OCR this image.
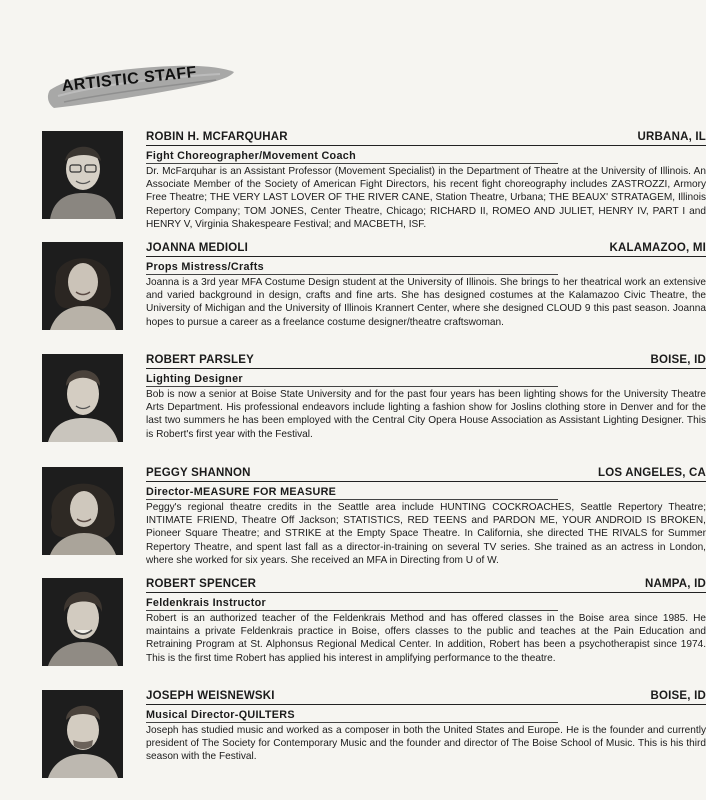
ARTISTIC STAFF
ROBIN H. MCFARQUHAR	URBANA, IL
Fight Choreographer/Movement Coach
Dr. McFarquhar is an Assistant Professor (Movement Specialist) in the Department of Theatre at the University of Illinois. An Associate Member of the Society of American Fight Directors, his recent fight choreography includes ZASTROZZI, Armory Free Theatre; THE VERY LAST LOVER OF THE RIVER CANE, Station Theatre, Urbana; THE BEAUX' STRATAGEM, Illinois Repertory Company; TOM JONES, Center Theatre, Chicago; RICHARD II, ROMEO AND JULIET, HENRY IV, PART I and HENRY V, Virginia Shakespeare Festival; and MACBETH, ISF.
JOANNA MEDIOLI	KALAMAZOO, MI
Props Mistress/Crafts
Joanna is a 3rd year MFA Costume Design student at the University of Illinois. She brings to her theatrical work an extensive and varied background in design, crafts and fine arts. She has designed costumes at the Kalamazoo Civic Theatre, the University of Michigan and the University of Illinois Krannert Center, where she designed CLOUD 9 this past season. Joanna hopes to pursue a career as a freelance costume designer/theatre craftswoman.
ROBERT PARSLEY	BOISE, ID
Lighting Designer
Bob is now a senior at Boise State University and for the past four years has been lighting shows for the University Theatre Arts Department. His professional endeavors include lighting a fashion show for Joslins clothing store in Denver and for the last two summers he has been employed with the Central City Opera House Association as Assistant Lighting Designer. This is Robert's first year with the Festival.
PEGGY SHANNON	LOS ANGELES, CA
Director-MEASURE FOR MEASURE
Peggy's regional theatre credits in the Seattle area include HUNTING COCKROACHES, Seattle Repertory Theatre; INTIMATE FRIEND, Theatre Off Jackson; STATISTICS, RED TEENS and PARDON ME, YOUR ANDROID IS BROKEN, Pioneer Square Theatre; and STRIKE at the Empty Space Theatre. In California, she directed THE RIVALS for Summer Repertory Theatre, and spent last fall as a director-in-training on several TV series. She trained as an actress in London, where she worked for six years. She received an MFA in Directing from U of W.
ROBERT SPENCER	NAMPA, ID
Feldenkrais Instructor
Robert is an authorized teacher of the Feldenkrais Method and has offered classes in the Boise area since 1985. He maintains a private Feldenkrais practice in Boise, offers classes to the public and teaches at the Pain Education and Retraining Program at St. Alphonsus Regional Medical Center. In addition, Robert has been a psychotherapist since 1974. This is the first time Robert has applied his interest in amplifying performance to the theatre.
JOSEPH WEISNEWSKI	BOISE, ID
Musical Director-QUILTERS
Joseph has studied music and worked as a composer in both the United States and Europe. He is the founder and currently president of The Society for Contemporary Music and the founder and director of The Boise School of Music. This is his third season with the Festival.
